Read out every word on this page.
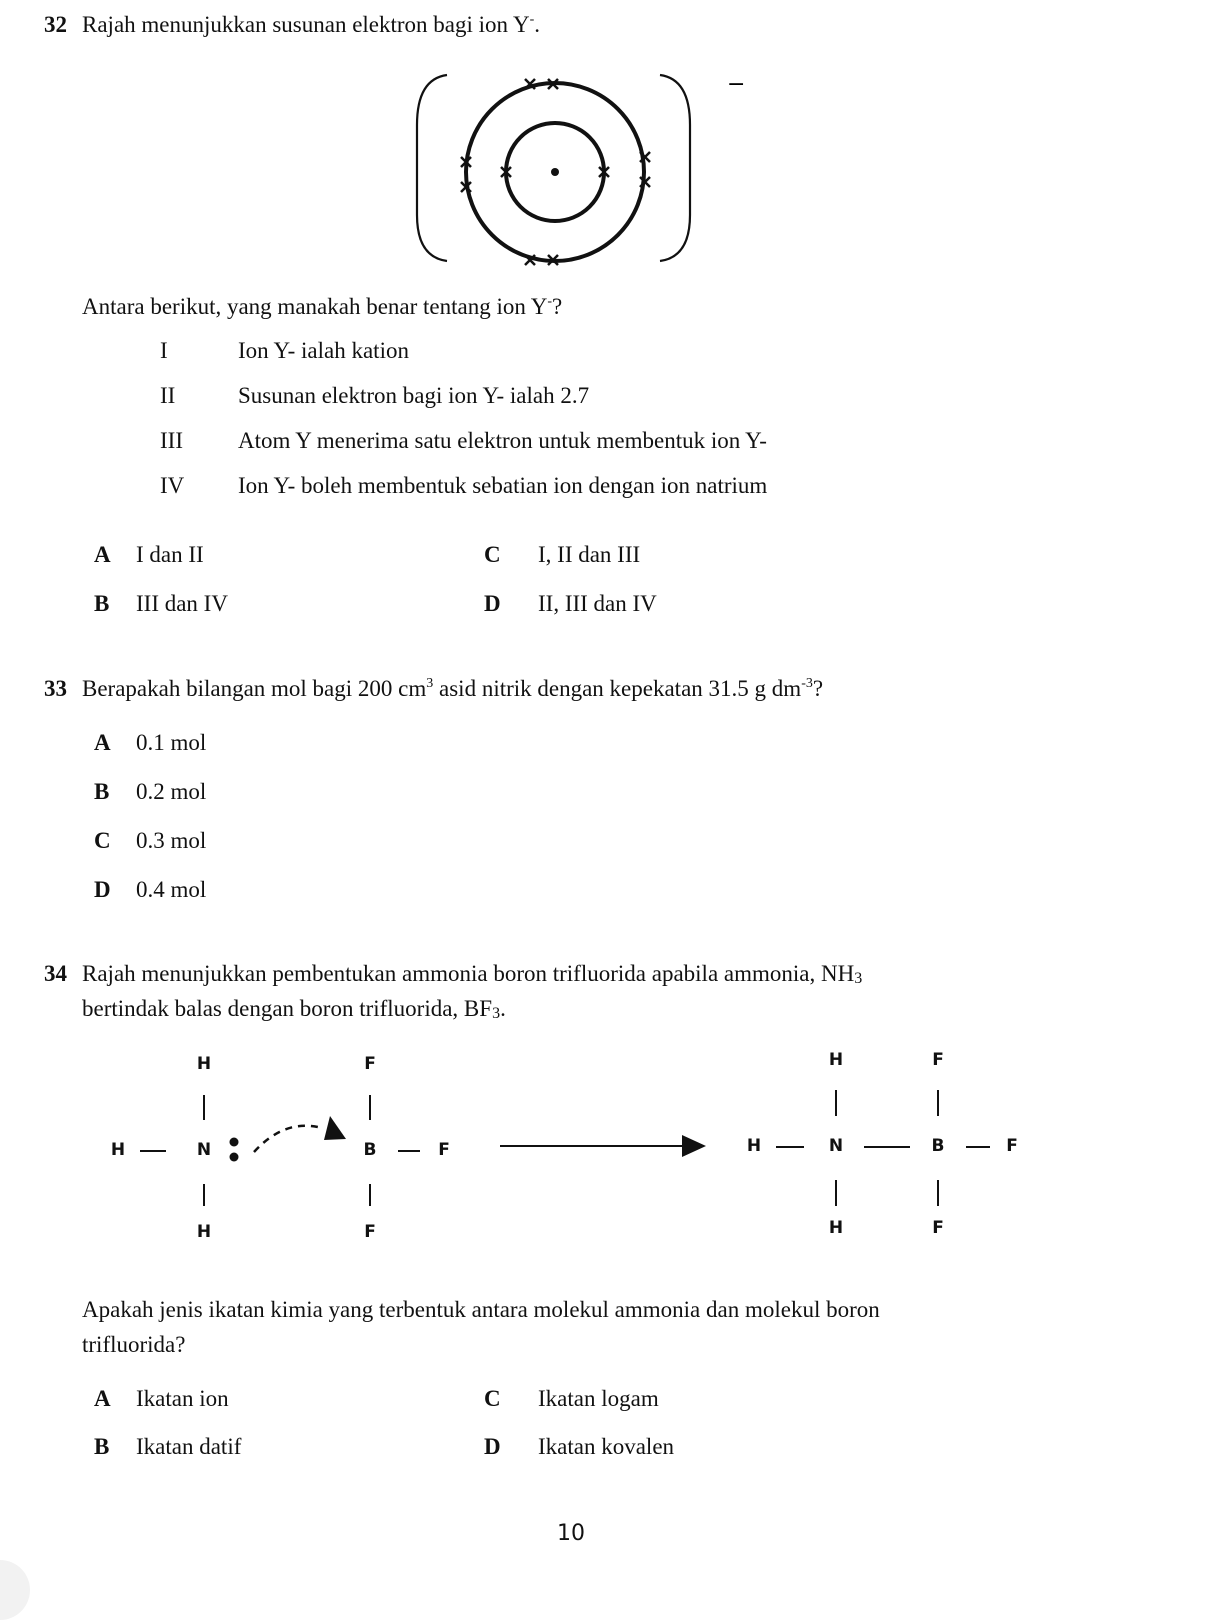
32 Rajah menunjukkan susunan elektron bagi ion Y-.
−
Antara berikut, yang manakah benar tentang ion Y-?
I	Ion Y- ialah kation
II	Susunan elektron bagi ion Y- ialah 2.7
III Atom Y menerima satu elektron untuk membentuk ion Y-
IV Ion Y- boleh membentuk sebatian ion dengan ion natrium
A I dan II
B III dan IV
C I, II dan III
D II, III dan IV
33 Berapakah bilangan mol bagi 200 $cm^3$ asid nitrik dengan kepekatan 31.5 g $dm^{-3}$?
A 0.1 mol
B 0.2 mol
C 0.3 mol
D 0.4 mol
34 Rajah menunjukkan pembentukan ammonia boron trifluorida apabila ammonia, $NH_3$
bertindak balas dengan boron trifluorida, $BF_3$.
H
H	N
H
F
B	F
F
H
H	N
H
F
B	F
F
Apakah jenis ikatan kimia yang terbentuk antara molekul ammonia dan molekul boron
trifluorida?
A Ikatan ion
B Ikatan datif
C Ikatan logam
D Ikatan kovalen
10
